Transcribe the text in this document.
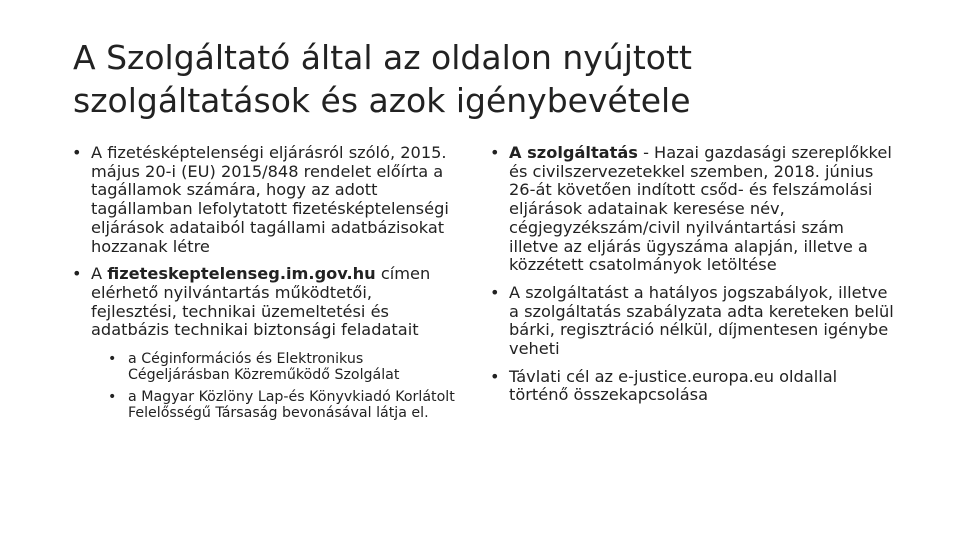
A Szolgáltató által az oldalon nyújtott szolgáltatások és azok igénybevétele
• A fizetésképtelenségi eljárásról szóló, 2015. május 20-i (EU) 2015/848 rendelet előírta a tagállamok számára, hogy az adott tagállamban lefolytatott fizetésképtelenségi eljárások adataiból tagállami adatbázisokat hozzanak létre
• A fizeteskeptelenseg.im.gov.hu címen elérhető nyilvántartás működtetői, fejlesztési, technikai üzemeltetési és adatbázis technikai biztonsági feladatait
• a Céginformációs és Elektronikus Cégeljárásban Közreműködő Szolgálat
• a Magyar Közlöny Lap-és Könyvkiadó Korlátolt Felelősségű Társaság bevonásával látja el.
• A szolgáltatás - Hazai gazdasági szereplőkkel és civilszervezetekkel szemben, 2018. június 26-át követően indított csőd- és felszámolási eljárások adatainak keresése név, cégjegyzékszám/civil nyilvántartási szám illetve az eljárás ügyszáma alapján, illetve a közzétett csatolmányok letöltése
• A szolgáltatást a hatályos jogszabályok, illetve a szolgáltatás szabályzata adta kereteken belül bárki, regisztráció nélkül, díjmentesen igénybe veheti
• Távlati cél az e-justice.europa.eu oldallal történő összekapcsolása
